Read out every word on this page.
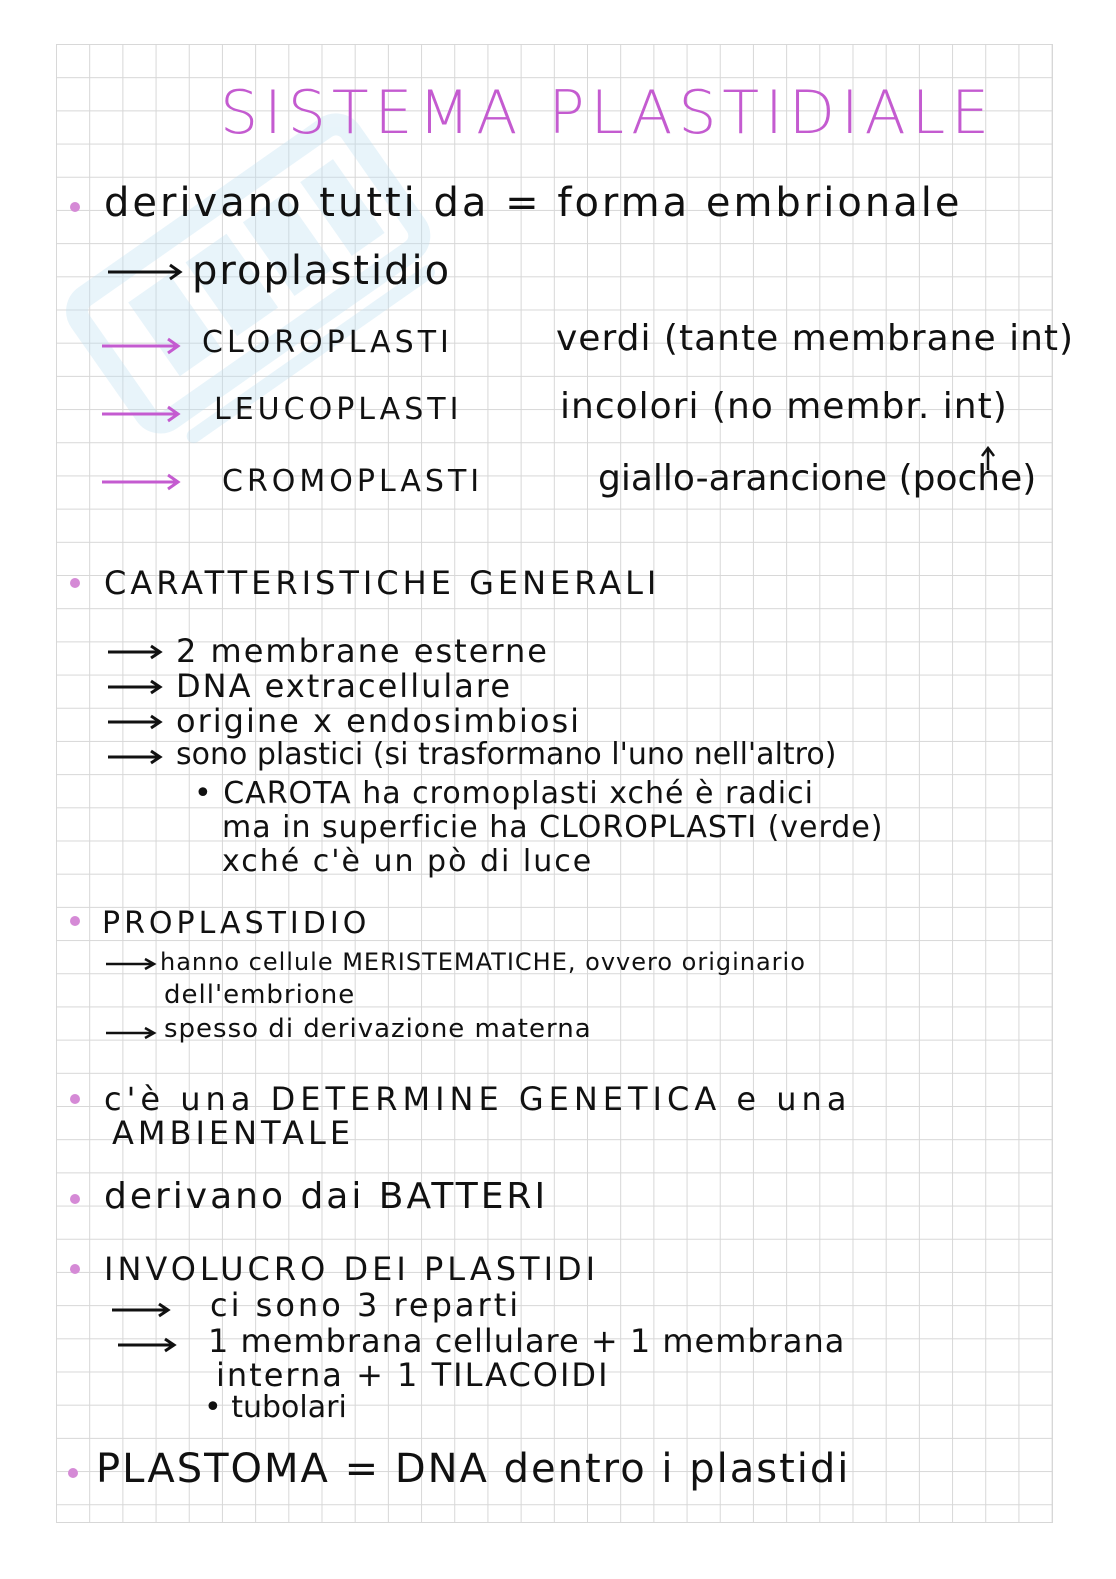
SISTEMA PLASTIDIALE
derivano tutti da = forma embrionale
proplastidio
CLOROPLASTI	verdi (tante membrane int)
LEUCOPLASTI	incolori (no membr. int)
CROMOPLASTI	giallo-arancione (poche)
CARATTERISTICHE GENERALI
2 membrane esterne
DNA extracellulare
origine x endosimbiosi
sono plastici (si trasformano l'uno nell'altro)
• CAROTA ha cromoplasti xché è radici
ma in superficie ha CLOROPLASTI (verde)
xché c'è un pò di luce
PROPLASTIDIO
hanno cellule MERISTEMATICHE, ovvero originario
dell'embrione
spesso di derivazione materna
c'è una DETERMINE GENETICA e una
AMBIENTALE
derivano dai BATTERI
INVOLUCRO DEI PLASTIDI
ci sono 3 reparti
1 membrana cellulare + 1 membrana
interna + 1 TILACOIDI
• tubolari
PLASTOMA = DNA dentro i plastidi
